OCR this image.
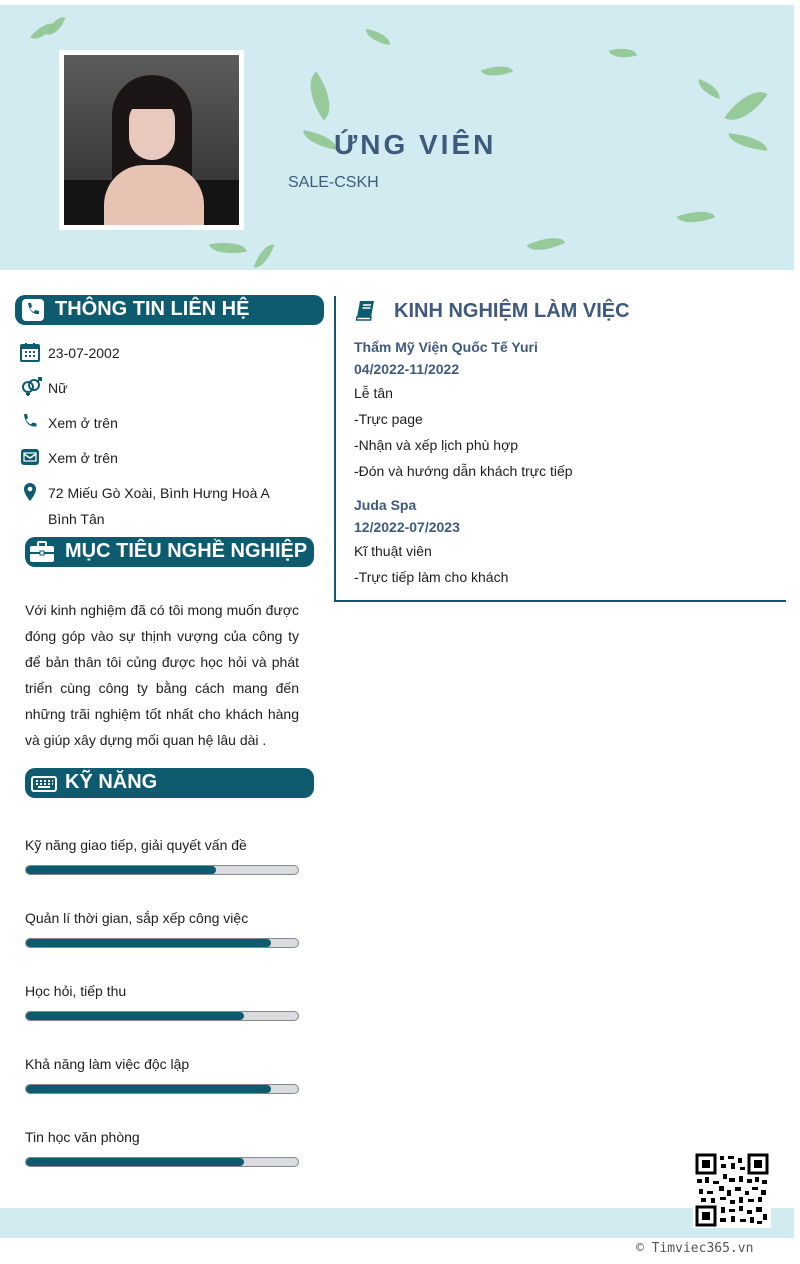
ỨNG VIÊN
SALE-CSKH
THÔNG TIN LIÊN HỆ
23-07-2002
Nữ
Xem ở trên
Xem ở trên
72 Miếu Gò Xoài, Bình Hưng Hoà A
Bình Tân
MỤC TIÊU NGHỀ NGHIỆP
Với kinh nghiệm đã có tôi mong muốn được đóng góp vào sự thịnh vượng của công ty để bản thân tôi củng được học hỏi và phát triển cùng công ty bằng cách mang đến những trãi nghiệm tốt nhất cho khách hàng và giúp xây dựng mối quan hệ lâu dài .
KỸ NĂNG
Kỹ năng giao tiếp, giải quyết vấn đề
Quản lí thời gian, sắp xếp công việc
Học hỏi, tiếp thu
Khả năng làm việc độc lập
Tin học văn phòng
KINH NGHIỆM LÀM VIỆC
Thẩm Mỹ Viện Quốc Tế Yuri
04/2022-11/2022
Lễ tân
-Trực page
-Nhận và xếp lịch phù hợp
-Đón và hướng dẫn khách trực tiếp
Juda Spa
12/2022-07/2023
Kĩ thuật viên
-Trực tiếp làm cho khách
© Timviec365.vn
